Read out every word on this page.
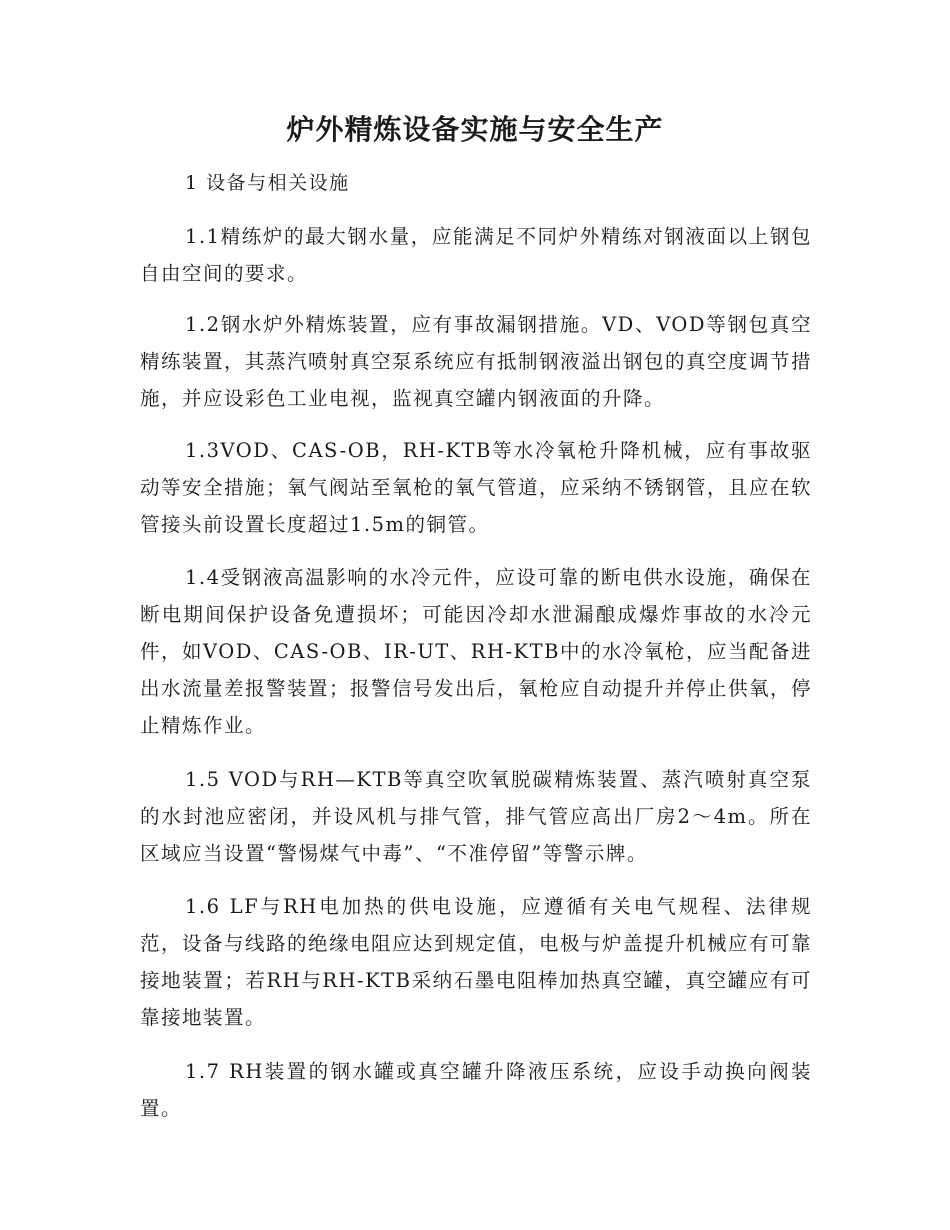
炉外精炼设备实施与安全生产
1 设备与相关设施

1.1精练炉的最大钢水量，应能满足不同炉外精练对钢液面以上钢包自由空间的要求。

1.2钢水炉外精炼装置，应有事故漏钢措施。VD、VOD等钢包真空精练装置，其蒸汽喷射真空泵系统应有抵制钢液溢出钢包的真空度调节措施，并应设彩色工业电视，监视真空罐内钢液面的升降。

1.3VOD、CAS-OB，RH-KTB等水冷氧枪升降机械，应有事故驱动等安全措施；氧气阀站至氧枪的氧气管道，应采纳不锈钢管，且应在软管接头前设置长度超过1.5m的铜管。

1.4受钢液高温影响的水冷元件，应设可靠的断电供水设施，确保在断电期间保护设备免遭损坏；可能因冷却水泄漏酿成爆炸事故的水冷元件，如VOD、CAS-OB、IR-UT、RH-KTB中的水冷氧枪，应当配备进出水流量差报警装置；报警信号发出后，氧枪应自动提升并停止供氧，停止精炼作业。

1.5 VOD与RH—KTB等真空吹氧脱碳精炼装置、蒸汽喷射真空泵的水封池应密闭，并设风机与排气管，排气管应高出厂房2～4m。所在区域应当设置“警惕煤气中毒”、“不准停留”等警示牌。

1.6 LF与RH电加热的供电设施，应遵循有关电气规程、法律规范，设备与线路的绝缘电阻应达到规定值，电极与炉盖提升机械应有可靠接地装置；若RH与RH-KTB采纳石墨电阻棒加热真空罐，真空罐应有可靠接地装置。

1.7 RH装置的钢水罐或真空罐升降液压系统，应设手动换向阀装置。
